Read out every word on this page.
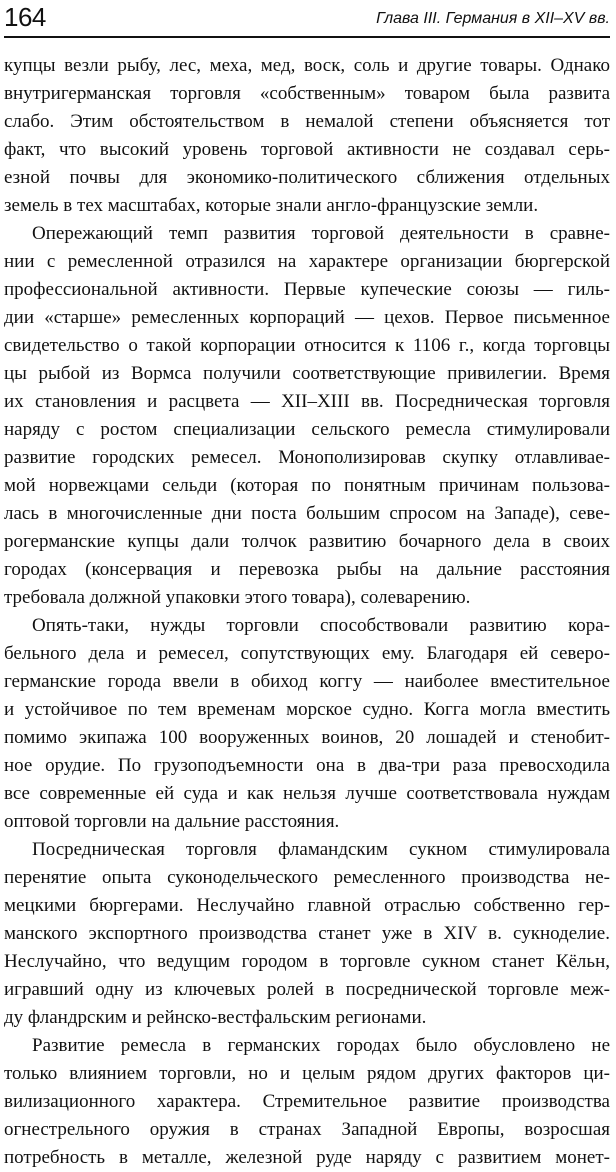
164	Глава III. Германия в XII–XV вв.
купцы везли рыбу, лес, меха, мед, воск, соль и другие товары. Однако
внутригерманская торговля «собственным» товаром была развита
слабо. Этим обстоятельством в немалой степени объясняется тот
факт, что высокий уровень торговой активности не создавал серь-
езной почвы для экономико-политического сближения отдельных
земель в тех масштабах, которые знали англо-французские земли.
Опережающий темп развития торговой деятельности в сравне-
нии с ремесленной отразился на характере организации бюргерской
профессиональной активности. Первые купеческие союзы — гиль-
дии «старше» ремесленных корпораций — цехов. Первое письменное
свидетельство о такой корпорации относится к 1106 г., когда торговцы
цы рыбой из Вормса получили соответствующие привилегии. Время
их становления и расцвета — XII–XIII вв. Посредническая торговля
наряду с ростом специализации сельского ремесла стимулировали
развитие городских ремесел. Монополизировав скупку отлавливае-
мой норвежцами сельди (которая по понятным причинам пользова-
лась в многочисленные дни поста большим спросом на Западе), севе-
рогерманские купцы дали толчок развитию бочарного дела в своих
городах (консервация и перевозка рыбы на дальние расстояния
требовала должной упаковки этого товара), солеварению.
Опять-таки, нужды торговли способствовали развитию кора-
бельного дела и ремесел, сопутствующих ему. Благодаря ей северо-
германские города ввели в обиход коггу — наиболее вместительное
и устойчивое по тем временам морское судно. Когга могла вместить
помимо экипажа 100 вооруженных воинов, 20 лошадей и стенобит-
ное орудие. По грузоподъемности она в два-три раза превосходила
все современные ей суда и как нельзя лучше соответствовала нуждам
оптовой торговли на дальние расстояния.
Посредническая торговля фламандским сукном стимулировала
перенятие опыта суконодельческого ремесленного производства не-
мецкими бюргерами. Неслучайно главной отраслью собственно гер-
манского экспортного производства станет уже в XIV в. сукноделие.
Неслучайно, что ведущим городом в торговле сукном станет Кёльн,
игравший одну из ключевых ролей в посреднической торговле меж-
ду фландрским и рейнско-вестфальским регионами.
Развитие ремесла в германских городах было обусловлено не
только влиянием торговли, но и целым рядом других факторов ци-
вилизационного характера. Стремительное развитие производства
огнестрельного оружия в странах Западной Европы, возросшая
потребность в металле, железной руде наряду с развитием монет-
